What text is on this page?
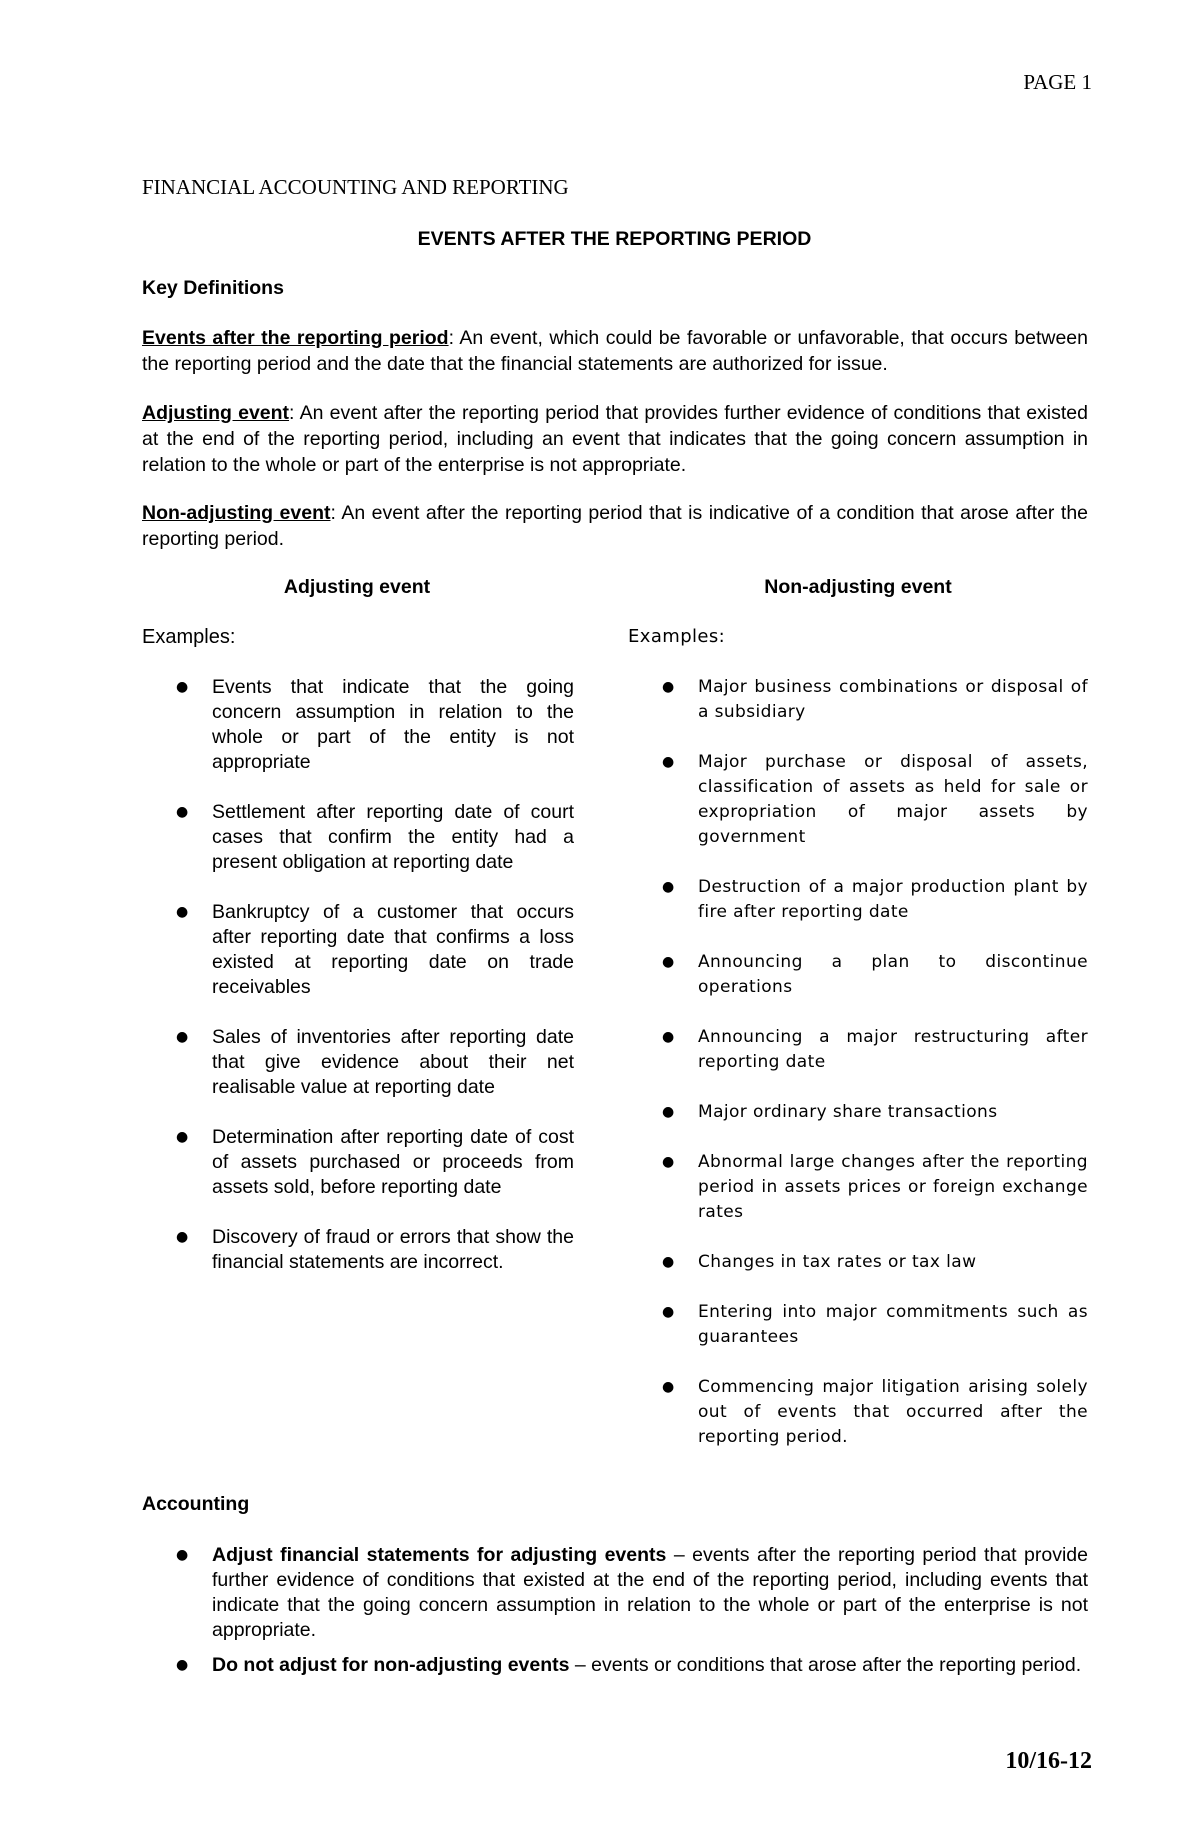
PAGE 1
FINANCIAL ACCOUNTING AND REPORTING
EVENTS AFTER THE REPORTING PERIOD
Key Definitions
Events after the reporting period: An event, which could be favorable or unfavorable, that occurs between the reporting period and the date that the financial statements are authorized for issue.
Adjusting event: An event after the reporting period that provides further evidence of conditions that existed at the end of the reporting period, including an event that indicates that the going concern assumption in relation to the whole or part of the enterprise is not appropriate.
Non-adjusting event: An event after the reporting period that is indicative of a condition that arose after the reporting period.
Adjusting event	Non-adjusting event
Examples:	Examples:
● Events that indicate that the going concern assumption in relation to the whole or part of the entity is not appropriate
● Settlement after reporting date of court cases that confirm the entity had a present obligation at reporting date
● Bankruptcy of a customer that occurs after reporting date that confirms a loss existed at reporting date on trade receivables
● Sales of inventories after reporting date that give evidence about their net realisable value at reporting date
● Determination after reporting date of cost of assets purchased or proceeds from assets sold, before reporting date
● Discovery of fraud or errors that show the financial statements are incorrect.
● Major business combinations or disposal of a subsidiary
● Major purchase or disposal of assets, classification of assets as held for sale or expropriation of major assets by government
● Destruction of a major production plant by fire after reporting date
● Announcing a plan to discontinue operations
● Announcing a major restructuring after reporting date
● Major ordinary share transactions
● Abnormal large changes after the reporting period in assets prices or foreign exchange rates
● Changes in tax rates or tax law
● Entering into major commitments such as guarantees
● Commencing major litigation arising solely out of events that occurred after the reporting period.
Accounting
● Adjust financial statements for adjusting events – events after the reporting period that provide further evidence of conditions that existed at the end of the reporting period, including events that indicate that the going concern assumption in relation to the whole or part of the enterprise is not appropriate.
● Do not adjust for non-adjusting events – events or conditions that arose after the reporting period.
10/16-12
